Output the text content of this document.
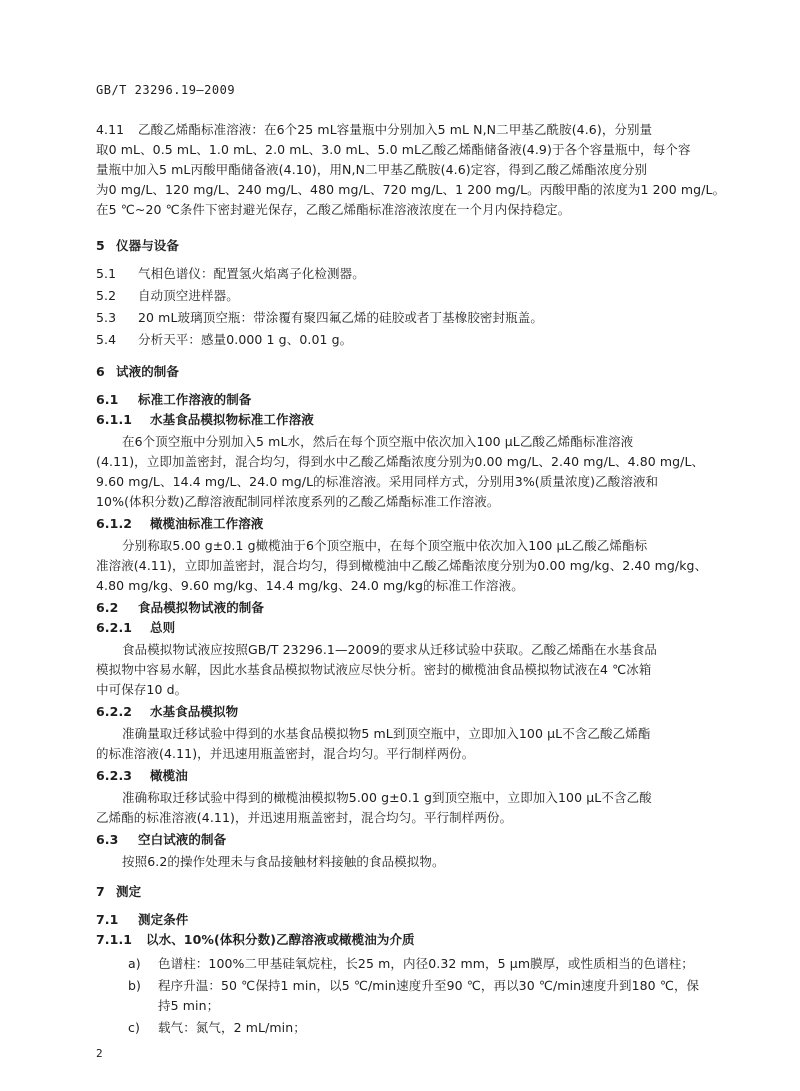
GB/T 23296.19—2009
4.11 乙酸乙烯酯标准溶液：在6个25 mL容量瓶中分别加入5 mL N,N二甲基乙酰胺(4.6)，分别量
取0 mL、0.5 mL、1.0 mL、2.0 mL、3.0 mL、5.0 mL乙酸乙烯酯储备液(4.9)于各个容量瓶中，每个容
量瓶中加入5 mL丙酸甲酯储备液(4.10)，用N,N二甲基乙酰胺(4.6)定容，得到乙酸乙烯酯浓度分别
为0 mg/L、120 mg/L、240 mg/L、480 mg/L、720 mg/L、1 200 mg/L。丙酸甲酯的浓度为1 200 mg/L。
在5 ℃~20 ℃条件下密封避光保存，乙酸乙烯酯标准溶液浓度在一个月内保持稳定。
5 仪器与设备
5.1 气相色谱仪：配置氢火焰离子化检测器。
5.2 自动顶空进样器。
5.3 20 mL玻璃顶空瓶：带涂覆有聚四氟乙烯的硅胶或者丁基橡胶密封瓶盖。
5.4 分析天平：感量0.000 1 g、0.01 g。
6 试液的制备
6.1 标准工作溶液的制备
6.1.1 水基食品模拟物标准工作溶液
在6个顶空瓶中分别加入5 mL水，然后在每个顶空瓶中依次加入100 μL乙酸乙烯酯标准溶液
(4.11)，立即加盖密封，混合均匀，得到水中乙酸乙烯酯浓度分别为0.00 mg/L、2.40 mg/L、4.80 mg/L、
9.60 mg/L、14.4 mg/L、24.0 mg/L的标准溶液。采用同样方式，分别用3%(质量浓度)乙酸溶液和
10%(体积分数)乙醇溶液配制同样浓度系列的乙酸乙烯酯标准工作溶液。
6.1.2 橄榄油标准工作溶液
分别称取5.00 g±0.1 g橄榄油于6个顶空瓶中，在每个顶空瓶中依次加入100 μL乙酸乙烯酯标
准溶液(4.11)，立即加盖密封，混合均匀，得到橄榄油中乙酸乙烯酯浓度分别为0.00 mg/kg、2.40 mg/kg、
4.80 mg/kg、9.60 mg/kg、14.4 mg/kg、24.0 mg/kg的标准工作溶液。
6.2 食品模拟物试液的制备
6.2.1 总则
食品模拟物试液应按照GB/T 23296.1—2009的要求从迁移试验中获取。乙酸乙烯酯在水基食品
模拟物中容易水解，因此水基食品模拟物试液应尽快分析。密封的橄榄油食品模拟物试液在4 ℃冰箱
中可保存10 d。
6.2.2 水基食品模拟物
准确量取迁移试验中得到的水基食品模拟物5 mL到顶空瓶中，立即加入100 μL不含乙酸乙烯酯
的标准溶液(4.11)，并迅速用瓶盖密封，混合均匀。平行制样两份。
6.2.3 橄榄油
准确称取迁移试验中得到的橄榄油模拟物5.00 g±0.1 g到顶空瓶中，立即加入100 μL不含乙酸
乙烯酯的标准溶液(4.11)，并迅速用瓶盖密封，混合均匀。平行制样两份。
6.3 空白试液的制备
按照6.2的操作处理未与食品接触材料接触的食品模拟物。
7 测定
7.1 测定条件
7.1.1 以水、10%(体积分数)乙醇溶液或橄榄油为介质
a) 色谱柱：100%二甲基硅氧烷柱，长25 m，内径0.32 mm，5 μm膜厚，或性质相当的色谱柱；
b) 程序升温：50 ℃保持1 min，以5 ℃/min速度升至90 ℃，再以30 ℃/min速度升到180 ℃，保
持5 min；
c) 载气：氮气，2 mL/min；
2
